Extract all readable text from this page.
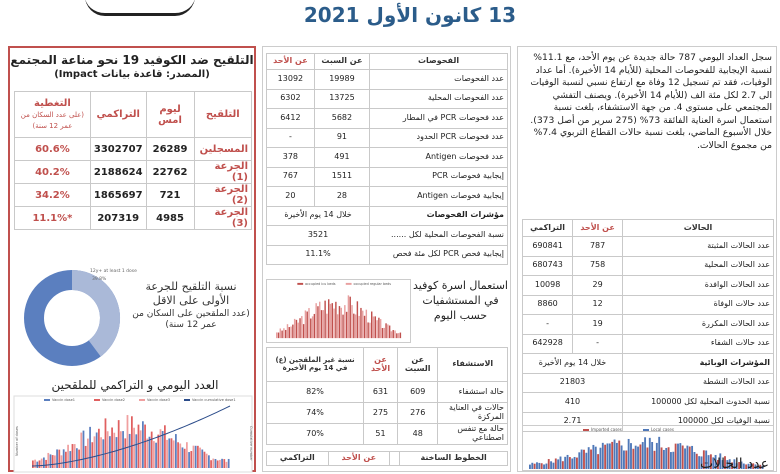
13 كانون الأول 2021
التلقيح ضد الكوفيد 19 نحو مناعة المجتمع
(المصدر: قاعدة بيانات Impact)
التلقيح	ليوم امس	التراكمي	التغطية
(على عدد السكان من عمر 12 سنة)
المسجلين	26289	3302707	60.6%
الجرعة (1)	22762	2188624	40.2%
الجرعة (2)	721	1865697	34.2%
الجرعة (3)	4985	207319	*11.1%
12y+ at least 1 dose
39.8%
نسبة التلقيح للجرعة الأولى على الاقل
(عدد الملقحين على السكان من عمر 12 سنة)
العدد اليومي و التراكمي للملقحين
Vaccin dose1	Vaccin dose2	Vaccin dose3	Vaccin cumulative dose1
Number of doses	Cumulative number
الفحوصات	عن السبت	عن الأحد
عدد الفحوصات	19989	13092
عدد الفحوصات المحلية	13725	6302
عدد فحوصات PCR في المطار	5682	6412
عدد فحوصات PCR الحدود	91	-
عدد فحوصات Antigen	491	378
إيجابية فحوصات PCR	1511	767
إيجابية فحوصات Antigen	28	20
مؤشرات الفحوصات	خلال 14 يوم الأخيرة	
نسبة الفحوصات المحلية لكل ......	3521	
إيجابية فحص PCR لكل مئة فحص	11.1%	
occupied icu beds	occupied regular beds استعمال اسرة كوفيد في المستشفيات حسب اليوم
الاستشفاء	عن السبت	عن الأحد	نسبة غير الملقحين (ع) في 14 يوم الأخيرة
حالة استشفاء	609	631	82%
حالات في العناية المركزة	276	275	74%
حالة مع تنفس اصطناعي	48	51	70%
الخطوط الساخنة		عن الأحد	التراكمي
سجل العداد اليومي 787 حالة جديدة عن يوم الأحد، مع 11.1% لنسبة الإيجابية للفحوصات المحلية (للأيام 14 الأخيرة). أما عداد الوفيات، فقد تم تسجيل 12 وفاة مع ارتفاع نسبي لنسبة الوفيات الى 2.7 لكل مئة الف (للأيام 14 الأخيرة). ويصنف التفشي المجتمعي على مستوى 4. من جهة الاستشفاء، بلغت نسبة استعمال اسرة العناية الفائقة 73% (275 سرير من أصل 373). خلال الأسبوع الماضي، بلغت نسبة حالات القطاع التربوي 7.4% من مجموع الحالات.
الحالات	عن الأحد	التراكمي
عدد الحالات المثبتة	787	690841
عدد الحالات المحلية	758	680743
عدد الحالات الوافدة	29	10098
عدد حالات الوفاة	12	8860
عدد الحالات المكررة	19	-
عدد حالات الشفاء	-	642928
المؤشرات الوبائية	خلال 14 يوم الأخيرة	
عدد الحالات النشطة	21803	
نسبة الحدوث المحلية لكل 100000	410	
نسبة الوفيات لكل 100000	2.71	
Imported cases	Local cases
عدد الحالات
